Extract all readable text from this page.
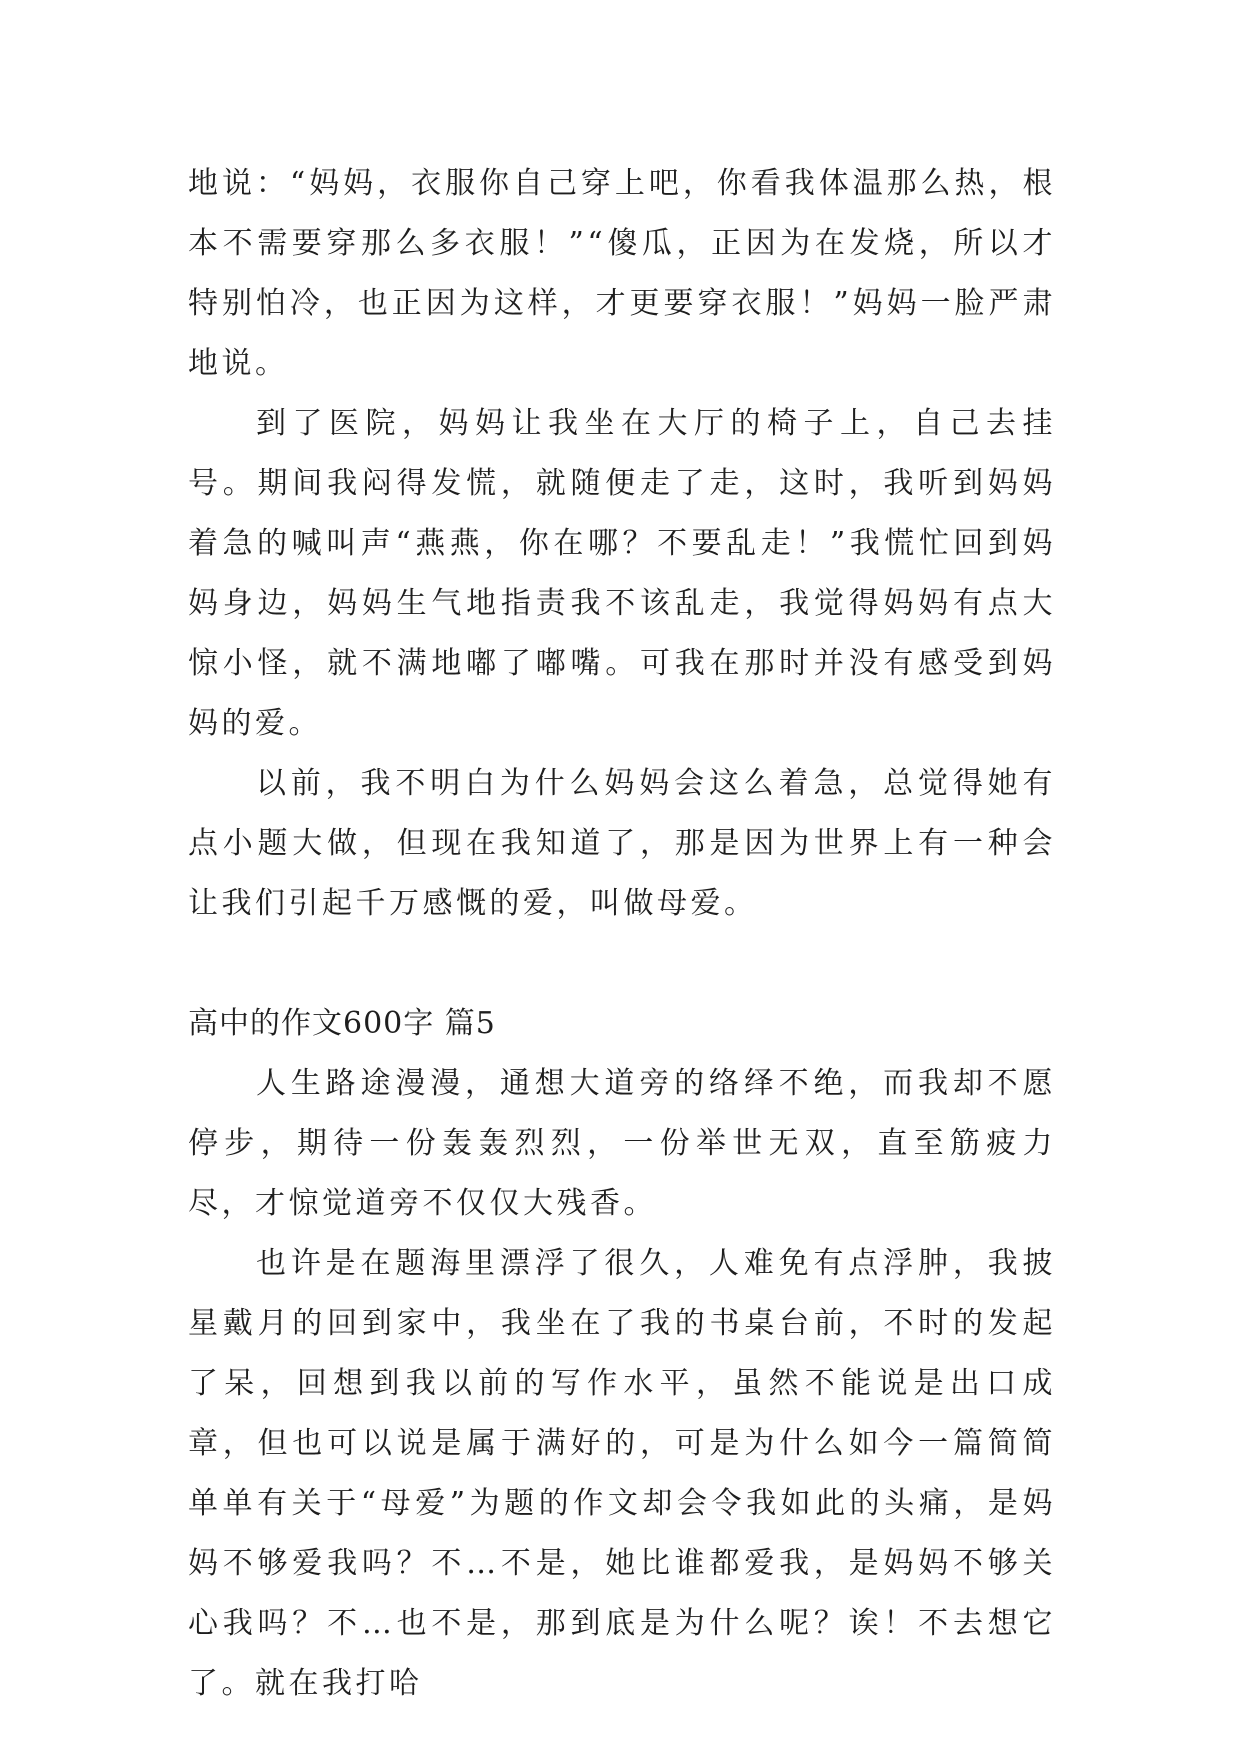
地说：“妈妈，衣服你自己穿上吧，你看我体温那么热，根本不需要穿那么多衣服！”“傻瓜，正因为在发烧，所以才特别怕冷，也正因为这样，才更要穿衣服！”妈妈一脸严肃地说。

到了医院，妈妈让我坐在大厅的椅子上，自己去挂号。期间我闷得发慌，就随便走了走，这时，我听到妈妈着急的喊叫声“燕燕，你在哪？不要乱走！”我慌忙回到妈妈身边，妈妈生气地指责我不该乱走，我觉得妈妈有点大惊小怪，就不满地嘟了嘟嘴。可我在那时并没有感受到妈妈的爱。

以前，我不明白为什么妈妈会这么着急，总觉得她有点小题大做，但现在我知道了，那是因为世界上有一种会让我们引起千万感慨的爱，叫做母爱。

高中的作文600字 篇5

人生路途漫漫，通想大道旁的络绎不绝，而我却不愿停步，期待一份轰轰烈烈，一份举世无双，直至筋疲力尽，才惊觉道旁不仅仅大残香。

也许是在题海里漂浮了很久，人难免有点浮肿，我披星戴月的回到家中，我坐在了我的书桌台前，不时的发起了呆，回想到我以前的写作水平，虽然不能说是出口成章，但也可以说是属于满好的，可是为什么如今一篇简简单单有关于“母爱”为题的作文却会令我如此的头痛，是妈妈不够爱我吗？不…不是，她比谁都爱我，是妈妈不够关心我吗？不…也不是，那到底是为什么呢？诶！不去想它了。就在我打哈
